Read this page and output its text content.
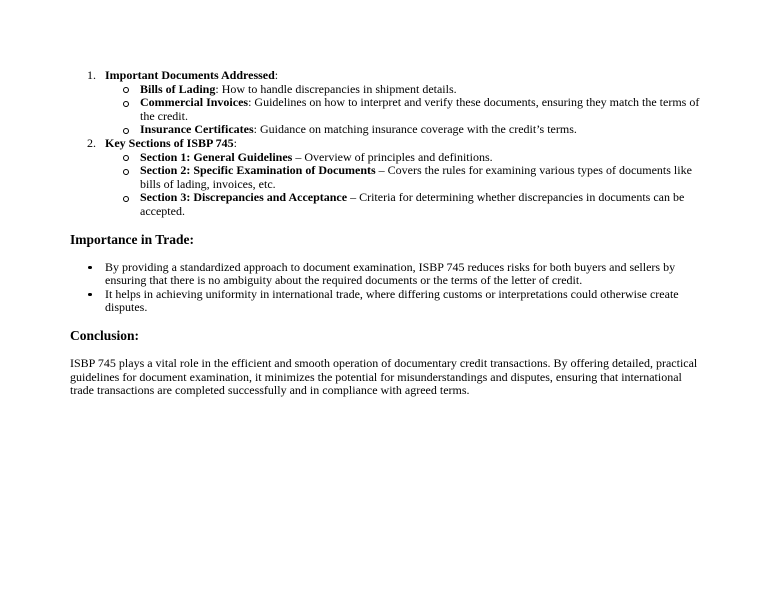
1. Important Documents Addressed:
Bills of Lading: How to handle discrepancies in shipment details.
Commercial Invoices: Guidelines on how to interpret and verify these documents, ensuring they match the terms of the credit.
Insurance Certificates: Guidance on matching insurance coverage with the credit’s terms.
2. Key Sections of ISBP 745:
Section 1: General Guidelines – Overview of principles and definitions.
Section 2: Specific Examination of Documents – Covers the rules for examining various types of documents like bills of lading, invoices, etc.
Section 3: Discrepancies and Acceptance – Criteria for determining whether discrepancies in documents can be accepted.
Importance in Trade:
By providing a standardized approach to document examination, ISBP 745 reduces risks for both buyers and sellers by ensuring that there is no ambiguity about the required documents or the terms of the letter of credit.
It helps in achieving uniformity in international trade, where differing customs or interpretations could otherwise create disputes.
Conclusion:

ISBP 745 plays a vital role in the efficient and smooth operation of documentary credit transactions. By offering detailed, practical guidelines for document examination, it minimizes the potential for misunderstandings and disputes, ensuring that international trade transactions are completed successfully and in compliance with agreed terms.
